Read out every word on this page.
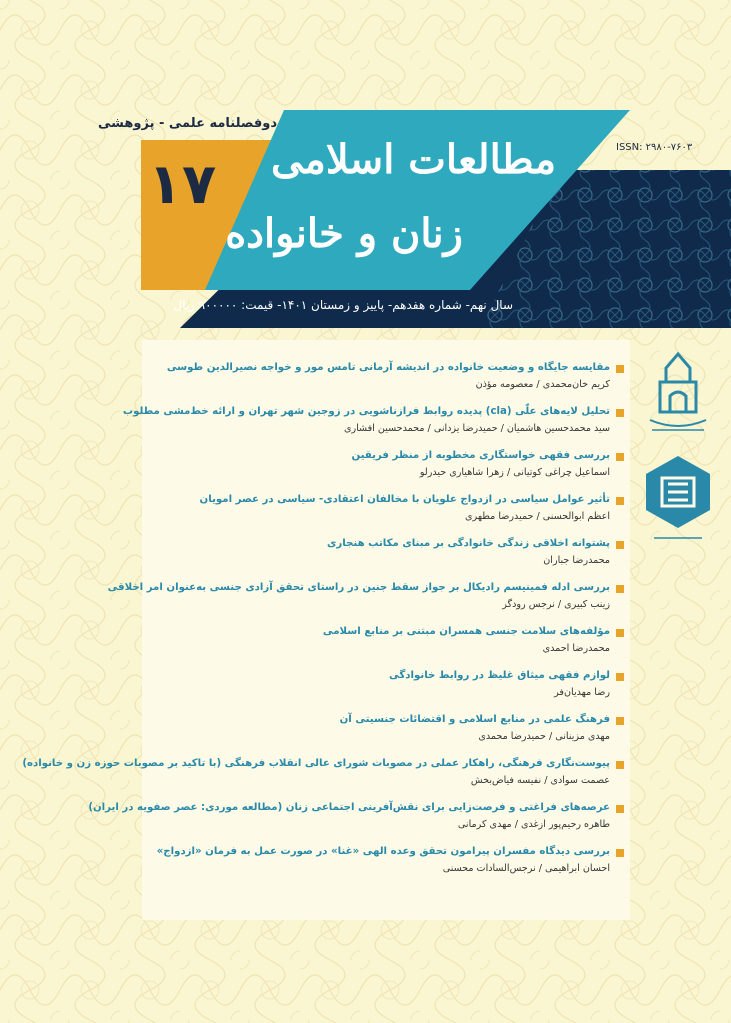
دوفصلنامه علمی - پژوهشی
ISSN: ۲۹۸۰-۷۶۰۳
۱۷ مطالعات اسلامی
زنان و خانواده
سال نهم- شماره هفدهم- پاییز و زمستان ۱۴۰۱- قیمت: ۹۰۰۰۰۰ ریال
مقایسه جایگاه و وضعیت خانواده در اندیشه آرمانی تامس مور و خواجه نصیرالدین طوسی
کریم خان‌محمدی / معصومه مؤذن
تحلیل لایه‌های علّی (cla) پدیده روابط فرازناشویی در زوجین شهر تهران و ارائه خط‌مشی مطلوب
سید محمدحسین هاشمیان / حمیدرضا یزدانی / محمدحسین افشاری
بررسی فقهی خواستگاری مخطوبه از منظر فریقین
اسماعیل چراغی کوتیانی / زهرا شاهیاری حیدرلو
تأثیر عوامل سیاسی در ازدواج علویان با مخالفان اعتقادی- سیاسی در عصر امویان
اعظم ابوالحسنی / حمیدرضا مطهری
پشتوانه اخلاقی زندگی خانوادگی بر مبنای مکاتب هنجاری
محمدرضا جباران
بررسی ادله فمینیسم رادیکال بر جواز سقط جنین در راستای تحقق آزادی جنسی به‌عنوان امر اخلاقی
زینب کبیری / نرجس رودگر
مؤلفه‌های سلامت جنسی همسران مبتنی بر منابع اسلامی
محمدرضا احمدی
لوازم فقهی میثاق غلیظ در روابط خانوادگی
رضا مهدیان‌فر
فرهنگ علمی در منابع اسلامی و اقتضائات جنسیتی آن
مهدی مزینانی / حمیدرضا محمدی
پیوست‌نگاری فرهنگی، راهکار عملی در مصوبات شورای عالی انقلاب فرهنگی (با تاکید بر مصوبات حوزه زن و خانواده)
عصمت سوادی / نفیسه فیاض‌بخش
عرصه‌های فراغتی و فرصت‌زایی برای نقش‌آفرینی اجتماعی زنان (مطالعه موردی: عصر صفویه در ایران)
طاهره رحیم‌پور ازغدی / مهدی کرمانی
بررسی دیدگاه مفسران پیرامون تحقق وعده الهی «غنا» در صورت عمل به فرمان «ازدواج»
احسان ابراهیمی / نرجس‌السادات محسنی
